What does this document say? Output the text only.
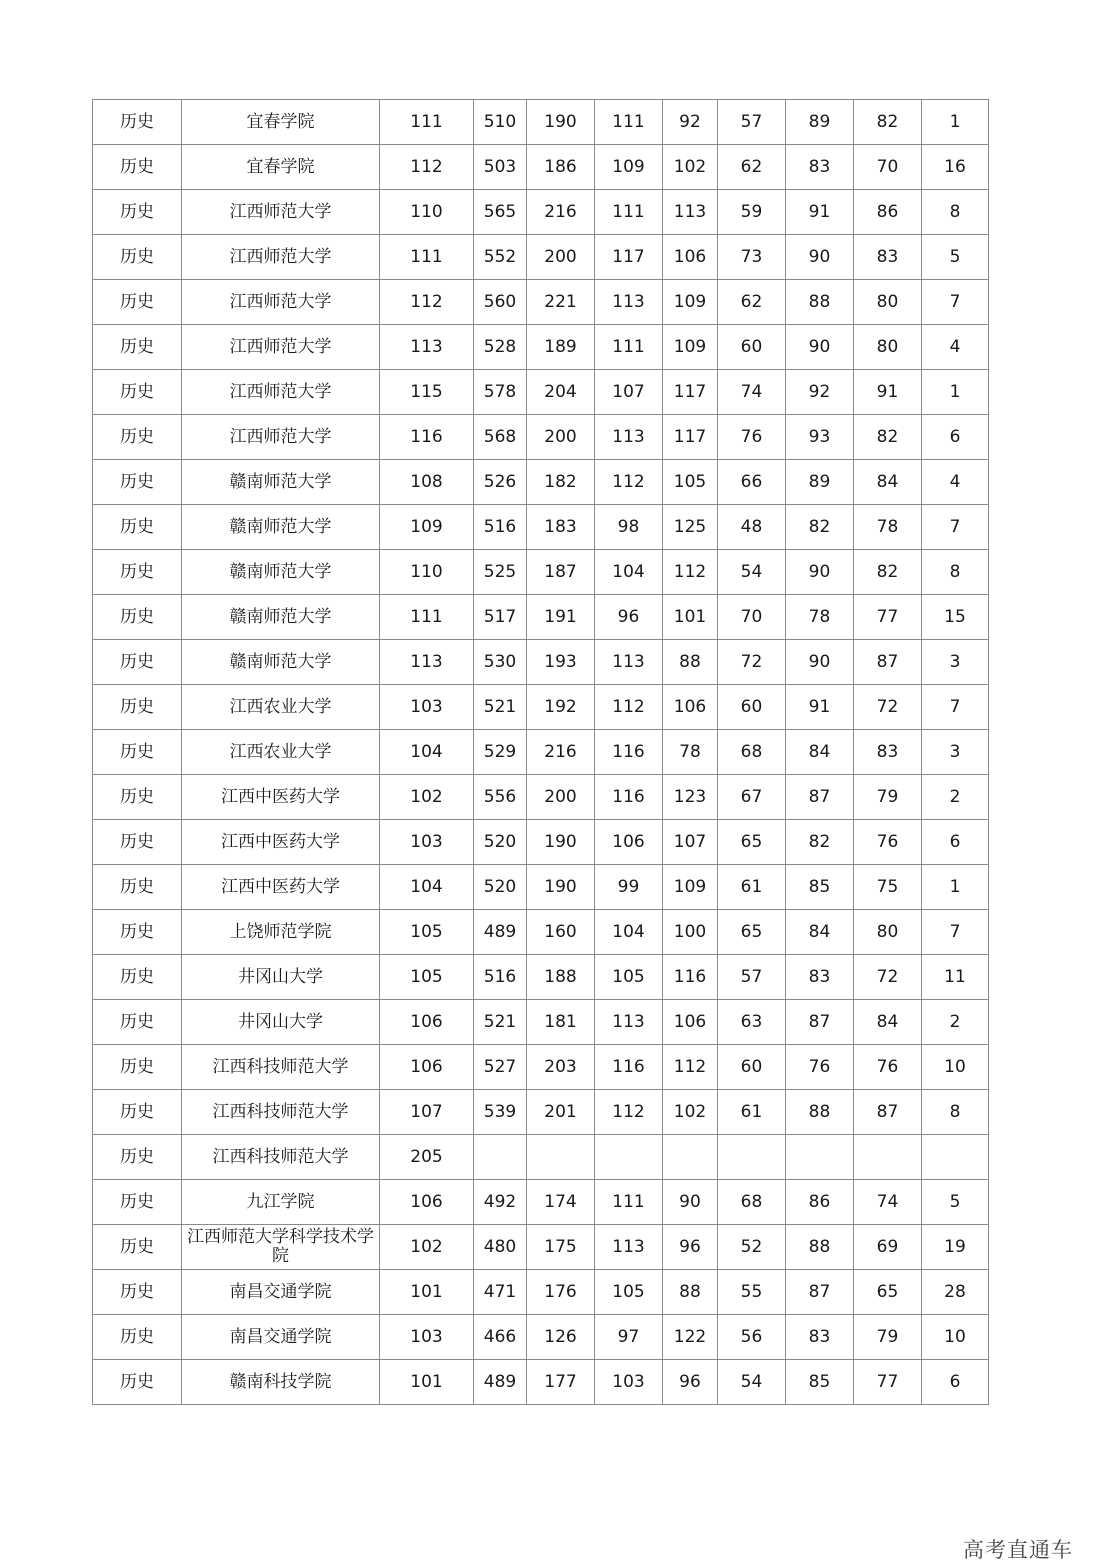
历史	宜春学院	111	510	190	111	92	57	89	82	1
历史	宜春学院	112	503	186	109	102	62	83	70	16
历史	江西师范大学	110	565	216	111	113	59	91	86	8
历史	江西师范大学	111	552	200	117	106	73	90	83	5
历史	江西师范大学	112	560	221	113	109	62	88	80	7
历史	江西师范大学	113	528	189	111	109	60	90	80	4
历史	江西师范大学	115	578	204	107	117	74	92	91	1
历史	江西师范大学	116	568	200	113	117	76	93	82	6
历史	赣南师范大学	108	526	182	112	105	66	89	84	4
历史	赣南师范大学	109	516	183	98	125	48	82	78	7
历史	赣南师范大学	110	525	187	104	112	54	90	82	8
历史	赣南师范大学	111	517	191	96	101	70	78	77	15
历史	赣南师范大学	113	530	193	113	88	72	90	87	3
历史	江西农业大学	103	521	192	112	106	60	91	72	7
历史	江西农业大学	104	529	216	116	78	68	84	83	3
历史	江西中医药大学	102	556	200	116	123	67	87	79	2
历史	江西中医药大学	103	520	190	106	107	65	82	76	6
历史	江西中医药大学	104	520	190	99	109	61	85	75	1
历史	上饶师范学院	105	489	160	104	100	65	84	80	7
历史	井冈山大学	105	516	188	105	116	57	83	72	11
历史	井冈山大学	106	521	181	113	106	63	87	84	2
历史	江西科技师范大学	106	527	203	116	112	60	76	76	10
历史	江西科技师范大学	107	539	201	112	102	61	88	87	8
历史	江西科技师范大学	205								
历史	九江学院	106	492	174	111	90	68	86	74	5
历史	江西师范大学科学技术学院	102	480	175	113	96	52	88	69	19
历史	南昌交通学院	101	471	176	105	88	55	87	65	28
历史	南昌交通学院	103	466	126	97	122	56	83	79	10
历史	赣南科技学院	101	489	177	103	96	54	85	77	6
高考直通车
